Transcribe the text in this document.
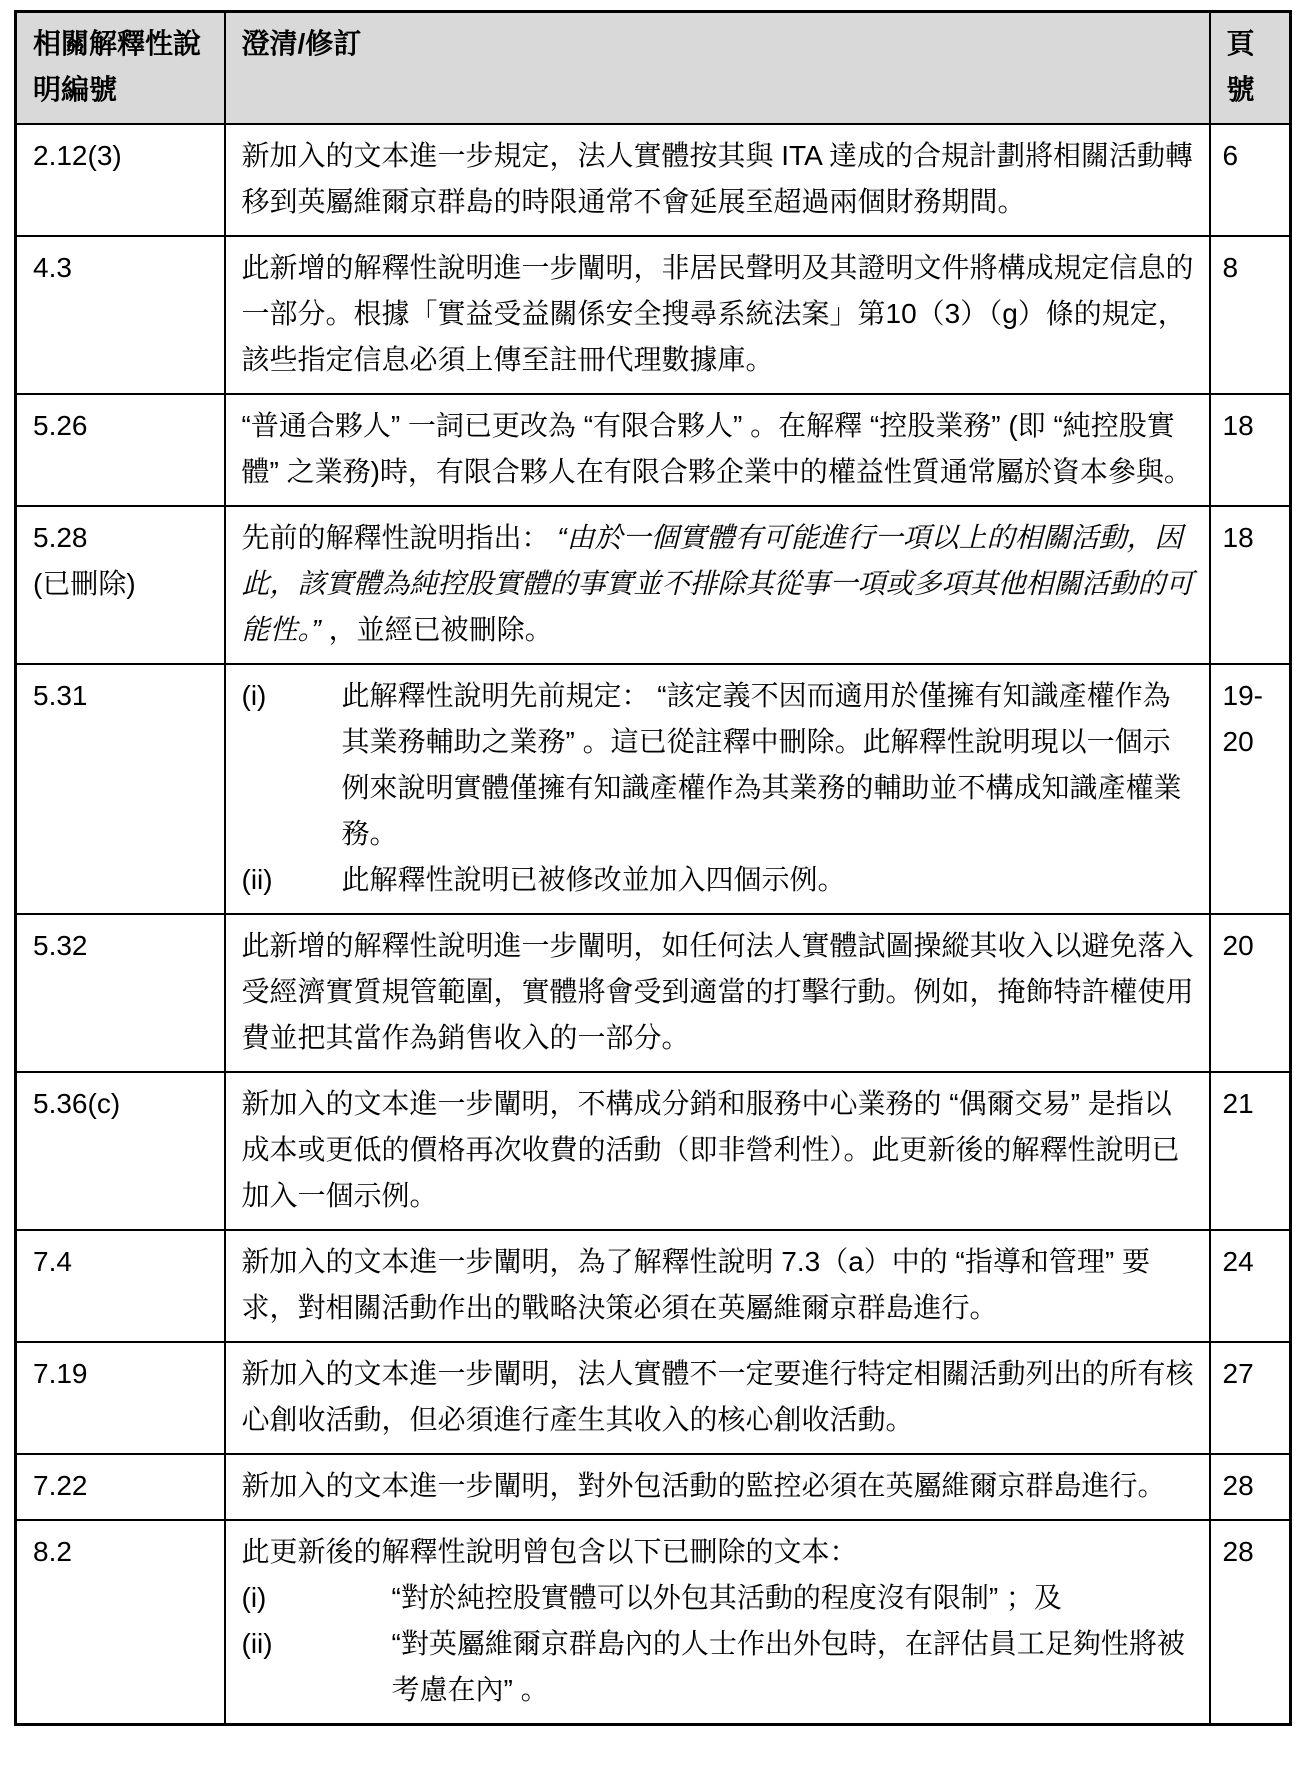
相關解釋性說明編號	澄清/修訂	頁號

2.12(3)	新加入的文本進一步規定，法人實體按其與 ITA 達成的合規計劃將相關活動轉移到英屬維爾京群島的時限通常不會延展至超過兩個財務期間。	6

4.3	此新增的解釋性說明進一步闡明，非居民聲明及其證明文件將構成規定信息的一部分。根據「實益受益關係安全搜尋系統法案」第10（3）（g）條的規定，該些指定信息必須上傳至註冊代理數據庫。	8

5.26	“普通合夥人” 一詞已更改為 “有限合夥人” 。在解釋 “控股業務” (即 “純控股實體” 之業務)時，有限合夥人在有限合夥企業中的權益性質通常屬於資本參與。	18

5.28
(已刪除)	先前的解釋性說明指出： “由於一個實體有可能進行一項以上的相關活動，因此，該實體為純控股實體的事實並不排除其從事一項或多項其他相關活動的可能性。” ，並經已被刪除。	18

5.31	(i) 此解釋性說明先前規定： “該定義不因而適用於僅擁有知識產權作為其業務輔助之業務” 。這已從註釋中刪除。此解釋性說明現以一個示例來說明實體僅擁有知識產權作為其業務的輔助並不構成知識產權業務。
(ii) 此解釋性說明已被修改並加入四個示例。	19-20

5.32	此新增的解釋性說明進一步闡明，如任何法人實體試圖操縱其收入以避免落入受經濟實質規管範圍，實體將會受到適當的打擊行動。例如，掩飾特許權使用費並把其當作為銷售收入的一部分。	20

5.36(c)	新加入的文本進一步闡明，不構成分銷和服務中心業務的 “偶爾交易” 是指以成本或更低的價格再次收費的活動（即非營利性）。此更新後的解釋性說明已加入一個示例。	21

7.4	新加入的文本進一步闡明，為了解釋性說明 7.3（a）中的 “指導和管理” 要求，對相關活動作出的戰略決策必須在英屬維爾京群島進行。	24

7.19	新加入的文本進一步闡明，法人實體不一定要進行特定相關活動列出的所有核心創收活動，但必須進行產生其收入的核心創收活動。	27

7.22	新加入的文本進一步闡明，對外包活動的監控必須在英屬維爾京群島進行。	28

8.2	此更新後的解釋性說明曾包含以下已刪除的文本：
(i) “對於純控股實體可以外包其活動的程度沒有限制” ；及
(ii) “對英屬維爾京群島內的人士作出外包時，在評估員工足夠性將被考慮在內” 。	28
